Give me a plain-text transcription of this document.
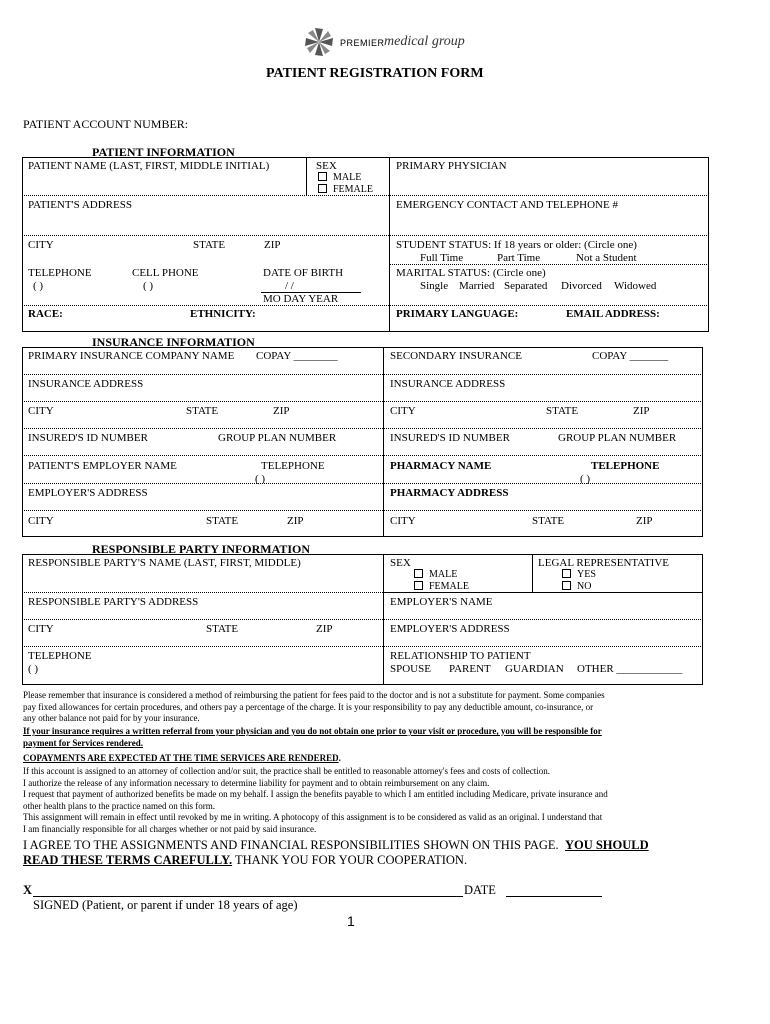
PREMIER medical group
PATIENT REGISTRATION FORM
PATIENT ACCOUNT NUMBER:
PATIENT INFORMATION
PATIENT NAME (LAST, FIRST, MIDDLE INITIAL)	SEX
MALE
FEMALE
PRIMARY PHYSICIAN
PATIENT'S ADDRESS	EMERGENCY CONTACT AND TELEPHONE #
CITY	STATE	ZIP	STUDENT STATUS: If 18 years or older: (Circle one)
Full Time	Part Time	Not a Student
TELEPHONE
( )
CELL PHONE
( )
DATE OF BIRTH
/ /
MO DAY YEAR
MARITAL STATUS: (Circle one)
Single Married Separated Divorced Widowed
RACE:	ETHNICITY:	PRIMARY LANGUAGE:	EMAIL ADDRESS:
INSURANCE INFORMATION
PRIMARY INSURANCE COMPANY NAME COPAY ________	SECONDARY INSURANCE	COPAY _______
INSURANCE ADDRESS	INSURANCE ADDRESS
CITY	STATE	ZIP	CITY	STATE	ZIP
INSURED'S ID NUMBER	GROUP PLAN NUMBER	INSURED'S ID NUMBER	GROUP PLAN NUMBER
PATIENT'S EMPLOYER NAME	TELEPHONE
( )
PHARMACY NAME	TELEPHONE
( )
EMPLOYER'S ADDRESS	PHARMACY ADDRESS
CITY	STATE	ZIP	CITY	STATE	ZIP
RESPONSIBLE PARTY INFORMATION
RESPONSIBLE PARTY'S NAME (LAST, FIRST, MIDDLE)	SEX
MALE
FEMALE
LEGAL REPRESENTATIVE
YES
NO
RESPONSIBLE PARTY'S ADDRESS	EMPLOYER'S NAME
CITY	STATE	ZIP	EMPLOYER'S ADDRESS
TELEPHONE
( )
RELATIONSHIP TO PATIENT
SPOUSE PARENT GUARDIAN OTHER ____________
Please remember that insurance is considered a method of reimbursing the patient for fees paid to the doctor and is not a substitute for payment. Some companies
pay fixed allowances for certain procedures, and others pay a percentage of the charge. It is your responsibility to pay any deductible amount, co-insurance, or
any other balance not paid for by your insurance.
If your insurance requires a written referral from your physician and you do not obtain one prior to your visit or procedure, you will be responsible for
payment for Services rendered.
COPAYMENTS ARE EXPECTED AT THE TIME SERVICES ARE RENDERED.
If this account is assigned to an attorney of collection and/or suit, the practice shall be entitled to reasonable attorney's fees and costs of collection.
I authorize the release of any information necessary to determine liability for payment and to obtain reimbursement on any claim.
I request that payment of authorized benefits be made on my behalf. I assign the benefits payable to which I am entitled including Medicare, private insurance and
other health plans to the practice named on this form.
This assignment will remain in effect until revoked by me in writing. A photocopy of this assignment is to be considered as valid as an original. I understand that
I am financially responsible for all charges whether or not paid by said insurance.
I AGREE TO THE ASSIGNMENTS AND FINANCIAL RESPONSIBILITIES SHOWN ON THIS PAGE. YOU SHOULD
READ THESE TERMS CAREFULLY. THANK YOU FOR YOUR COOPERATION.
X	DATE
SIGNED (Patient, or parent if under 18 years of age)
1
